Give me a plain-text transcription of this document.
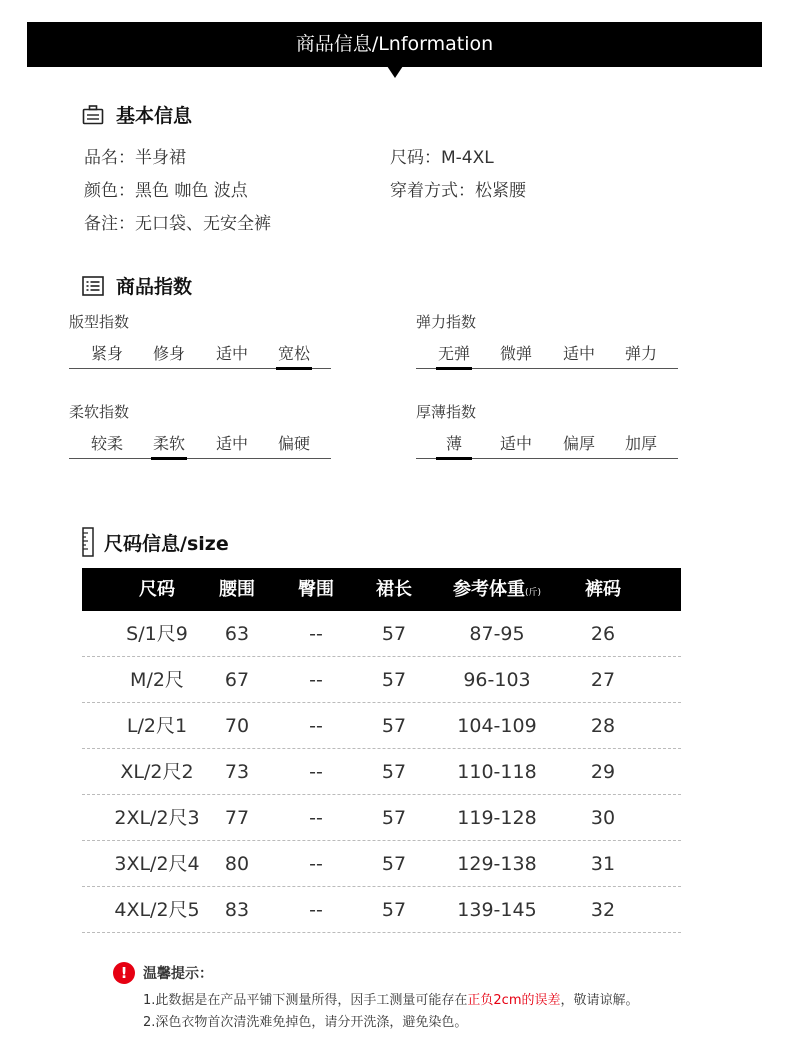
商品信息/Lnformation
基本信息
品名：半身裙	尺码：M-4XL
颜色：黑色 咖色 波点	穿着方式：松紧腰
备注：无口袋、无安全裤
商品指数
版型指数
紧身	修身	适中	宽松
弹力指数
无弹	微弹	适中	弹力
柔软指数
较柔	柔软	适中	偏硬
厚薄指数
薄	适中	偏厚	加厚
尺码信息/size
尺码	腰围	臀围	裙长	参考体重(斤)	裤码
S/1尺9	63	--	57	87-95	26
M/2尺	67	--	57	96-103	27
L/2尺1	70	--	57	104-109	28
XL/2尺2	73	--	57	110-118	29
2XL/2尺3	77	--	57	119-128	30
3XL/2尺4	80	--	57	129-138	31
4XL/2尺5	83	--	57	139-145	32
!	温馨提示：
1.此数据是在产品平铺下测量所得，因手工测量可能存在正负2cm的误差，敬请谅解。
2.深色衣物首次清洗难免掉色，请分开洗涤，避免染色。
